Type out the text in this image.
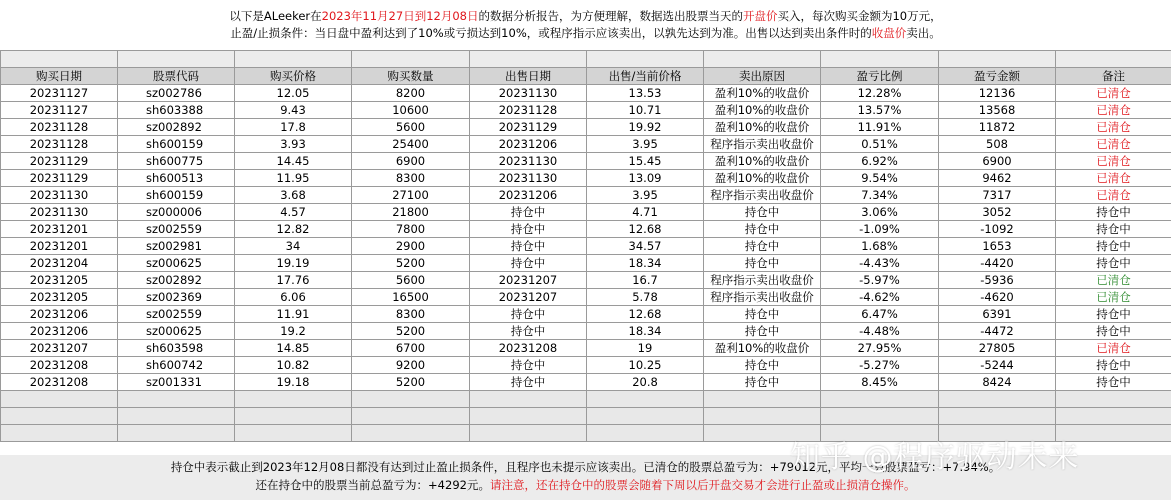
以下是ALeeker在2023年11月27日到12月08日的数据分析报告，为方便理解，数据选出股票当天的开盘价买入，每次购买金额为10万元，
止盈/止损条件：当日盘中盈利达到了10%或亏损达到10%，或程序指示应该卖出，以孰先达到为准。出售以达到卖出条件时的收盘价卖出。

购买日期	股票代码	购买价格	购买数量	出售日期	出售/当前价格	卖出原因	盈亏比例	盈亏金额	备注
20231127	sz002786	12.05	8200	20231130	13.53	盈利10%的收盘价	12.28%	12136	已清仓
20231127	sh603388	9.43	10600	20231128	10.71	盈利10%的收盘价	13.57%	13568	已清仓
20231128	sz002892	17.8	5600	20231129	19.92	盈利10%的收盘价	11.91%	11872	已清仓
20231128	sh600159	3.93	25400	20231206	3.95	程序指示卖出收盘价	0.51%	508	已清仓
20231129	sh600775	14.45	6900	20231130	15.45	盈利10%的收盘价	6.92%	6900	已清仓
20231129	sh600513	11.95	8300	20231130	13.09	盈利10%的收盘价	9.54%	9462	已清仓
20231130	sh600159	3.68	27100	20231206	3.95	程序指示卖出收盘价	7.34%	7317	已清仓
20231130	sz000006	4.57	21800	持仓中	4.71	持仓中	3.06%	3052	持仓中
20231201	sz002559	12.82	7800	持仓中	12.68	持仓中	-1.09%	-1092	持仓中
20231201	sz002981	34	2900	持仓中	34.57	持仓中	1.68%	1653	持仓中
20231204	sz000625	19.19	5200	持仓中	18.34	持仓中	-4.43%	-4420	持仓中
20231205	sz002892	17.76	5600	20231207	16.7	程序指示卖出收盘价	-5.97%	-5936	已清仓
20231205	sz002369	6.06	16500	20231207	5.78	程序指示卖出收盘价	-4.62%	-4620	已清仓
20231206	sz002559	11.91	8300	持仓中	12.68	持仓中	6.47%	6391	持仓中
20231206	sz000625	19.2	5200	持仓中	18.34	持仓中	-4.48%	-4472	持仓中
20231207	sh603598	14.85	6700	20231208	19	盈利10%的收盘价	27.95%	27805	已清仓
20231208	sh600742	10.82	9200	持仓中	10.25	持仓中	-5.27%	-5244	持仓中
20231208	sz001331	19.18	5200	持仓中	20.8	持仓中	8.45%	8424	持仓中

持仓中表示截止到2023年12月08日都没有达到过止盈止损条件，且程序也未提示应该卖出。已清仓的股票总盈亏为：+79012元，平均一只股票盈亏：+7.94%。
还在持仓中的股票当前总盈亏为：+4292元。请注意，还在持仓中的股票会随着下周以后开盘交易才会进行止盈或止损清仓操作。
知乎 @程序驱动未来
